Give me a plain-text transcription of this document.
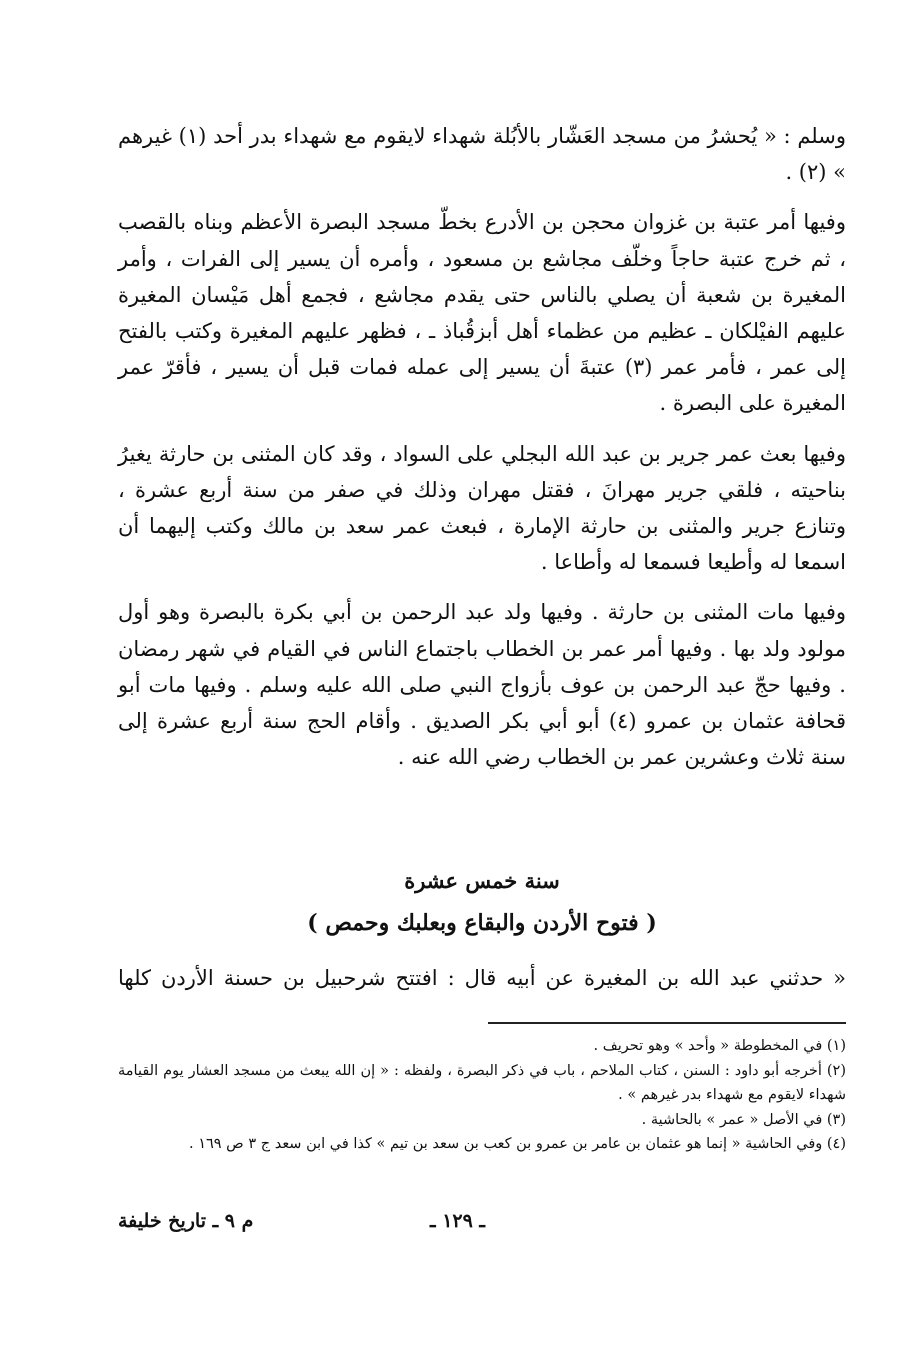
وسلم : « يُحشرُ من مسجد العَشّار بالأبُلة شهداء لايقوم مع شهداء بدر أحد (١) غيرهم » (٢) .

وفيها أمر عتبة بن غزوان محجن بن الأدرع بخطّ مسجد البصرة الأعظم وبناه بالقصب ، ثم خرج عتبة حاجاً وخلّف مجاشع بن مسعود ، وأمره أن يسير إلى الفرات ، وأمر المغيرة بن شعبة أن يصلي بالناس حتى يقدم مجاشع ، فجمع أهل مَيْسان المغيرة عليهم الفيْلكان ـ عظيم من عظماء أهل أبزقُباذ ـ ، فظهر عليهم المغيرة وكتب بالفتح إلى عمر ، فأمر عمر (٣) عتبةَ أن يسير إلى عمله فمات قبل أن يسير ، فأقرّ عمر المغيرة على البصرة .

وفيها بعث عمر جرير بن عبد الله البجلي على السواد ، وقد كان المثنى بن حارثة يغيرُ بناحيته ، فلقي جرير مهرانَ ، فقتل مهران وذلك في صفر من سنة أربع عشرة ، وتنازع جرير والمثنى بن حارثة الإمارة ، فبعث عمر سعد بن مالك وكتب إليهما أن اسمعا له وأطيعا فسمعا له وأطاعا .

وفيها مات المثنى بن حارثة . وفيها ولد عبد الرحمن بن أبي بكرة بالبصرة وهو أول مولود ولد بها . وفيها أمر عمر بن الخطاب باجتماع الناس في القيام في شهر رمضان . وفيها حجّ عبد الرحمن بن عوف بأزواج النبي صلى الله عليه وسلم . وفيها مات أبو قحافة عثمان بن عمرو (٤) أبو أبي بكر الصديق . وأقام الحج سنة أربع عشرة إلى سنة ثلاث وعشرين عمر بن الخطاب رضي الله عنه .

سنة خمس عشرة
( فتوح الأردن والبقاع وبعلبك وحمص )
« حدثني عبد الله بن المغيرة عن أبيه قال : افتتح شرحبيل بن حسنة الأردن كلها

(١) في المخطوطة « وأحد » وهو تحريف .

(٢) أخرجه أبو داود : السنن ، كتاب الملاحم ، باب في ذكر البصرة ، ولفظه : « إن الله يبعث من مسجد العشار يوم القيامة شهداء لايقوم مع شهداء بدر غيرهم » .

(٣) في الأصل « عمر » بالحاشية .

(٤) وفي الحاشية « إنما هو عثمان بن عامر بن عمرو بن كعب بن سعد بن تيم » كذا في ابن سعد ج ٣ ص ١٦٩ .

ـ ١٢٩ ـ
م ٩ ـ تاريخ خليفة
